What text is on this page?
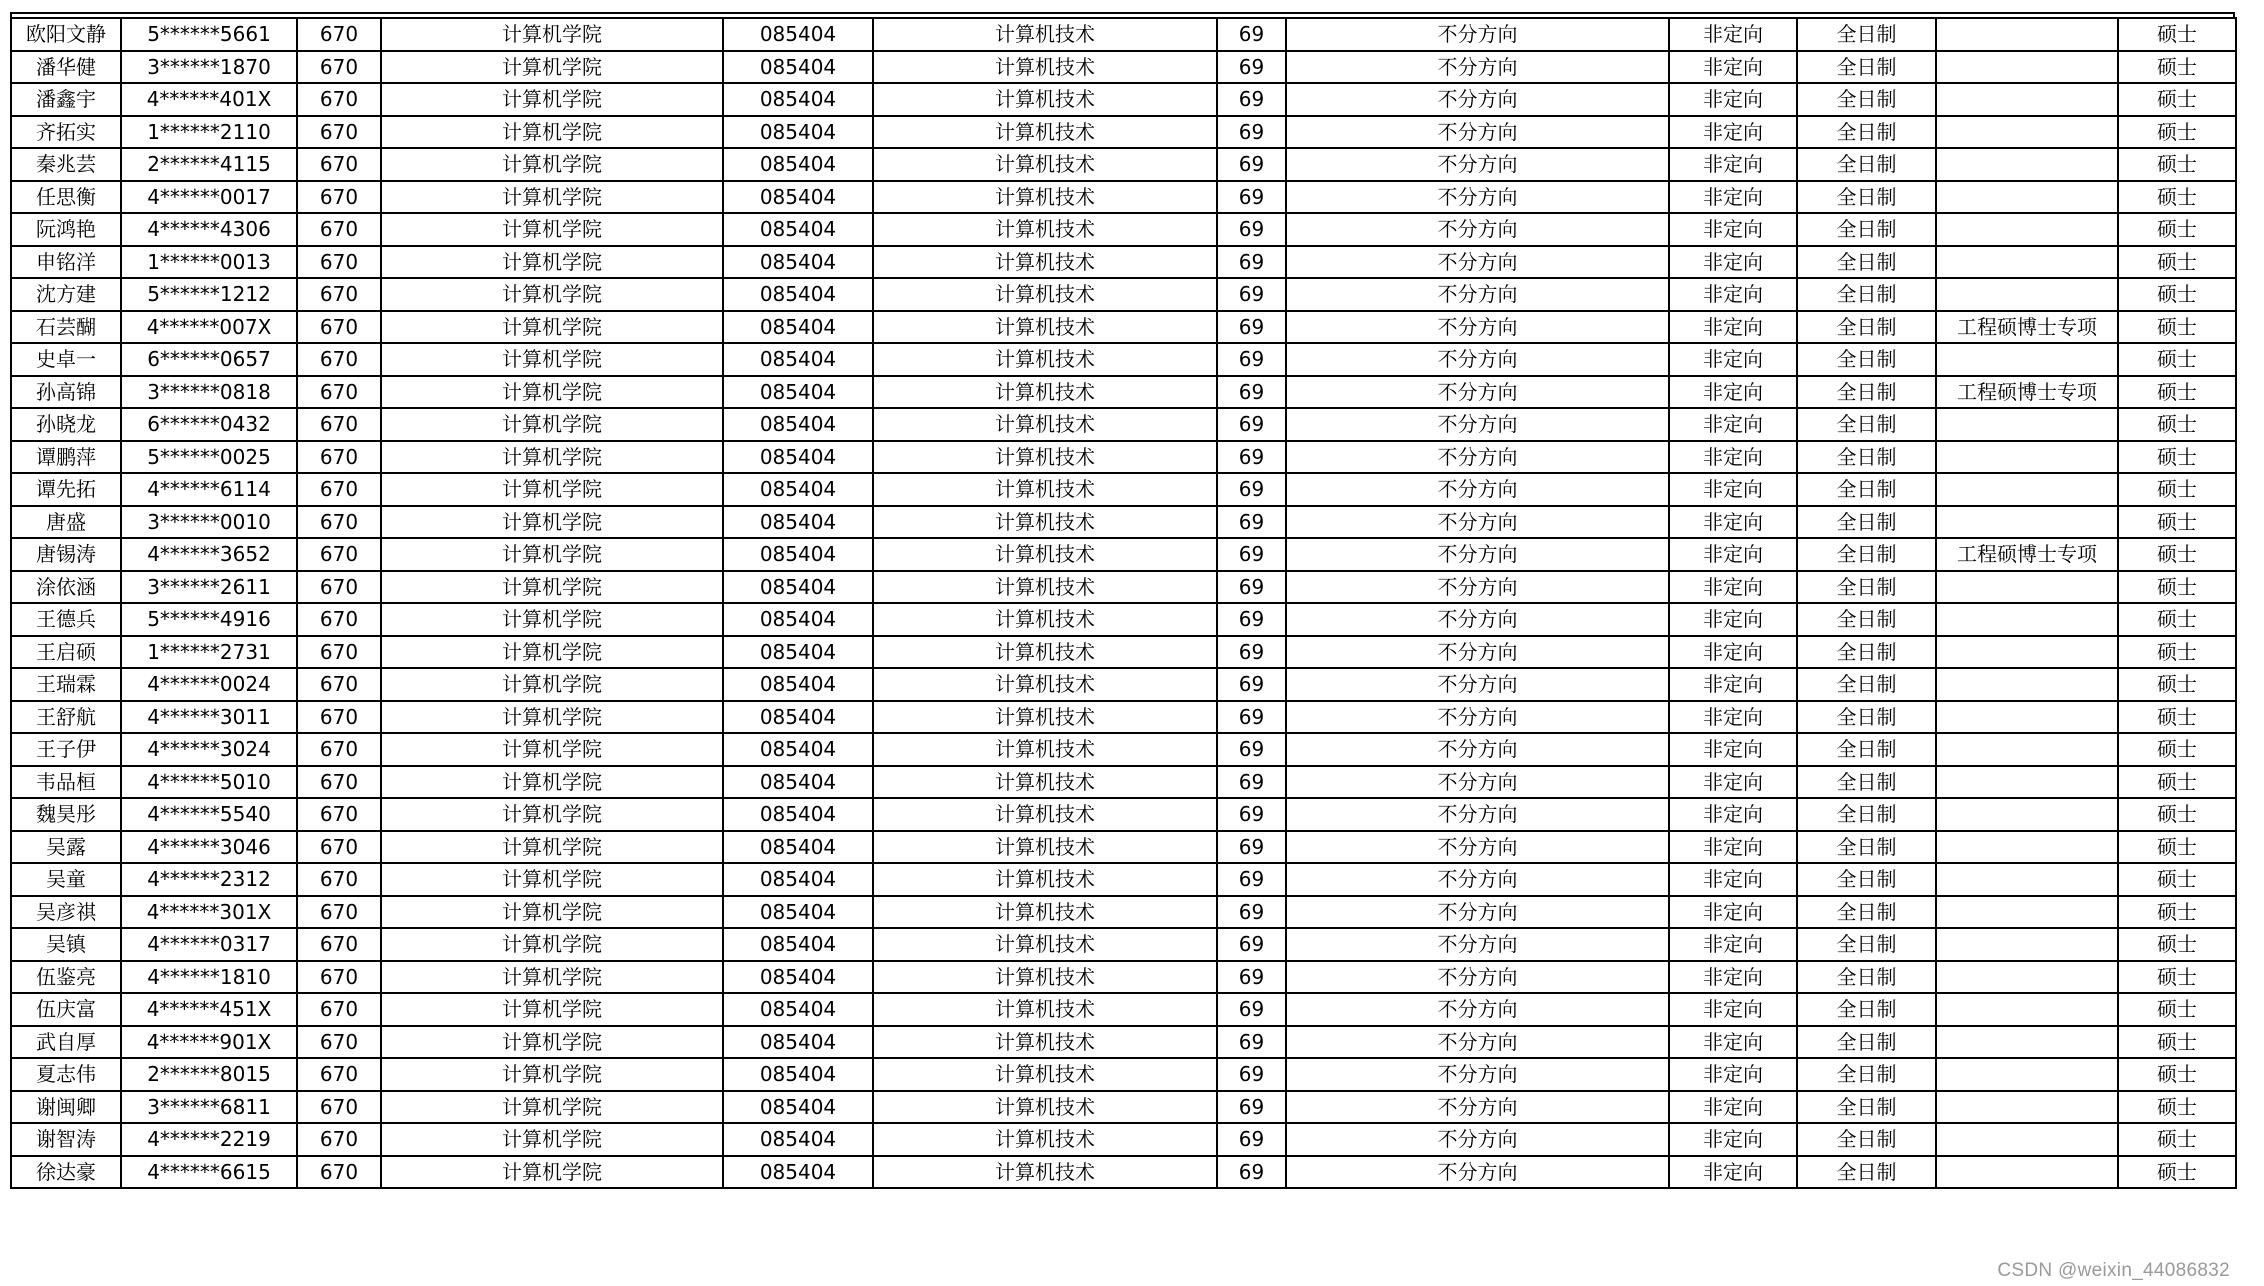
欧阳文静	5******5661	670	计算机学院	085404	计算机技术	69	不分方向	非定向	全日制		硕士
潘华健	3******1870	670	计算机学院	085404	计算机技术	69	不分方向	非定向	全日制		硕士
潘鑫宇	4******401X	670	计算机学院	085404	计算机技术	69	不分方向	非定向	全日制		硕士
齐拓实	1******2110	670	计算机学院	085404	计算机技术	69	不分方向	非定向	全日制		硕士
秦兆芸	2******4115	670	计算机学院	085404	计算机技术	69	不分方向	非定向	全日制		硕士
任思衡	4******0017	670	计算机学院	085404	计算机技术	69	不分方向	非定向	全日制		硕士
阮鸿艳	4******4306	670	计算机学院	085404	计算机技术	69	不分方向	非定向	全日制		硕士
申铭洋	1******0013	670	计算机学院	085404	计算机技术	69	不分方向	非定向	全日制		硕士
沈方建	5******1212	670	计算机学院	085404	计算机技术	69	不分方向	非定向	全日制		硕士
石芸醐	4******007X	670	计算机学院	085404	计算机技术	69	不分方向	非定向	全日制	工程硕博士专项	硕士
史卓一	6******0657	670	计算机学院	085404	计算机技术	69	不分方向	非定向	全日制		硕士
孙高锦	3******0818	670	计算机学院	085404	计算机技术	69	不分方向	非定向	全日制	工程硕博士专项	硕士
孙晓龙	6******0432	670	计算机学院	085404	计算机技术	69	不分方向	非定向	全日制		硕士
谭鹏萍	5******0025	670	计算机学院	085404	计算机技术	69	不分方向	非定向	全日制		硕士
谭先拓	4******6114	670	计算机学院	085404	计算机技术	69	不分方向	非定向	全日制		硕士
唐盛	3******0010	670	计算机学院	085404	计算机技术	69	不分方向	非定向	全日制		硕士
唐锡涛	4******3652	670	计算机学院	085404	计算机技术	69	不分方向	非定向	全日制	工程硕博士专项	硕士
涂依涵	3******2611	670	计算机学院	085404	计算机技术	69	不分方向	非定向	全日制		硕士
王德兵	5******4916	670	计算机学院	085404	计算机技术	69	不分方向	非定向	全日制		硕士
王启硕	1******2731	670	计算机学院	085404	计算机技术	69	不分方向	非定向	全日制		硕士
王瑞霖	4******0024	670	计算机学院	085404	计算机技术	69	不分方向	非定向	全日制		硕士
王舒航	4******3011	670	计算机学院	085404	计算机技术	69	不分方向	非定向	全日制		硕士
王子伊	4******3024	670	计算机学院	085404	计算机技术	69	不分方向	非定向	全日制		硕士
韦品桓	4******5010	670	计算机学院	085404	计算机技术	69	不分方向	非定向	全日制		硕士
魏昊彤	4******5540	670	计算机学院	085404	计算机技术	69	不分方向	非定向	全日制		硕士
吴露	4******3046	670	计算机学院	085404	计算机技术	69	不分方向	非定向	全日制		硕士
吴童	4******2312	670	计算机学院	085404	计算机技术	69	不分方向	非定向	全日制		硕士
吴彦祺	4******301X	670	计算机学院	085404	计算机技术	69	不分方向	非定向	全日制		硕士
吴镇	4******0317	670	计算机学院	085404	计算机技术	69	不分方向	非定向	全日制		硕士
伍鉴亮	4******1810	670	计算机学院	085404	计算机技术	69	不分方向	非定向	全日制		硕士
伍庆富	4******451X	670	计算机学院	085404	计算机技术	69	不分方向	非定向	全日制		硕士
武自厚	4******901X	670	计算机学院	085404	计算机技术	69	不分方向	非定向	全日制		硕士
夏志伟	2******8015	670	计算机学院	085404	计算机技术	69	不分方向	非定向	全日制		硕士
谢闽卿	3******6811	670	计算机学院	085404	计算机技术	69	不分方向	非定向	全日制		硕士
谢智涛	4******2219	670	计算机学院	085404	计算机技术	69	不分方向	非定向	全日制		硕士
徐达豪	4******6615	670	计算机学院	085404	计算机技术	69	不分方向	非定向	全日制		硕士
CSDN @weixin_44086832
